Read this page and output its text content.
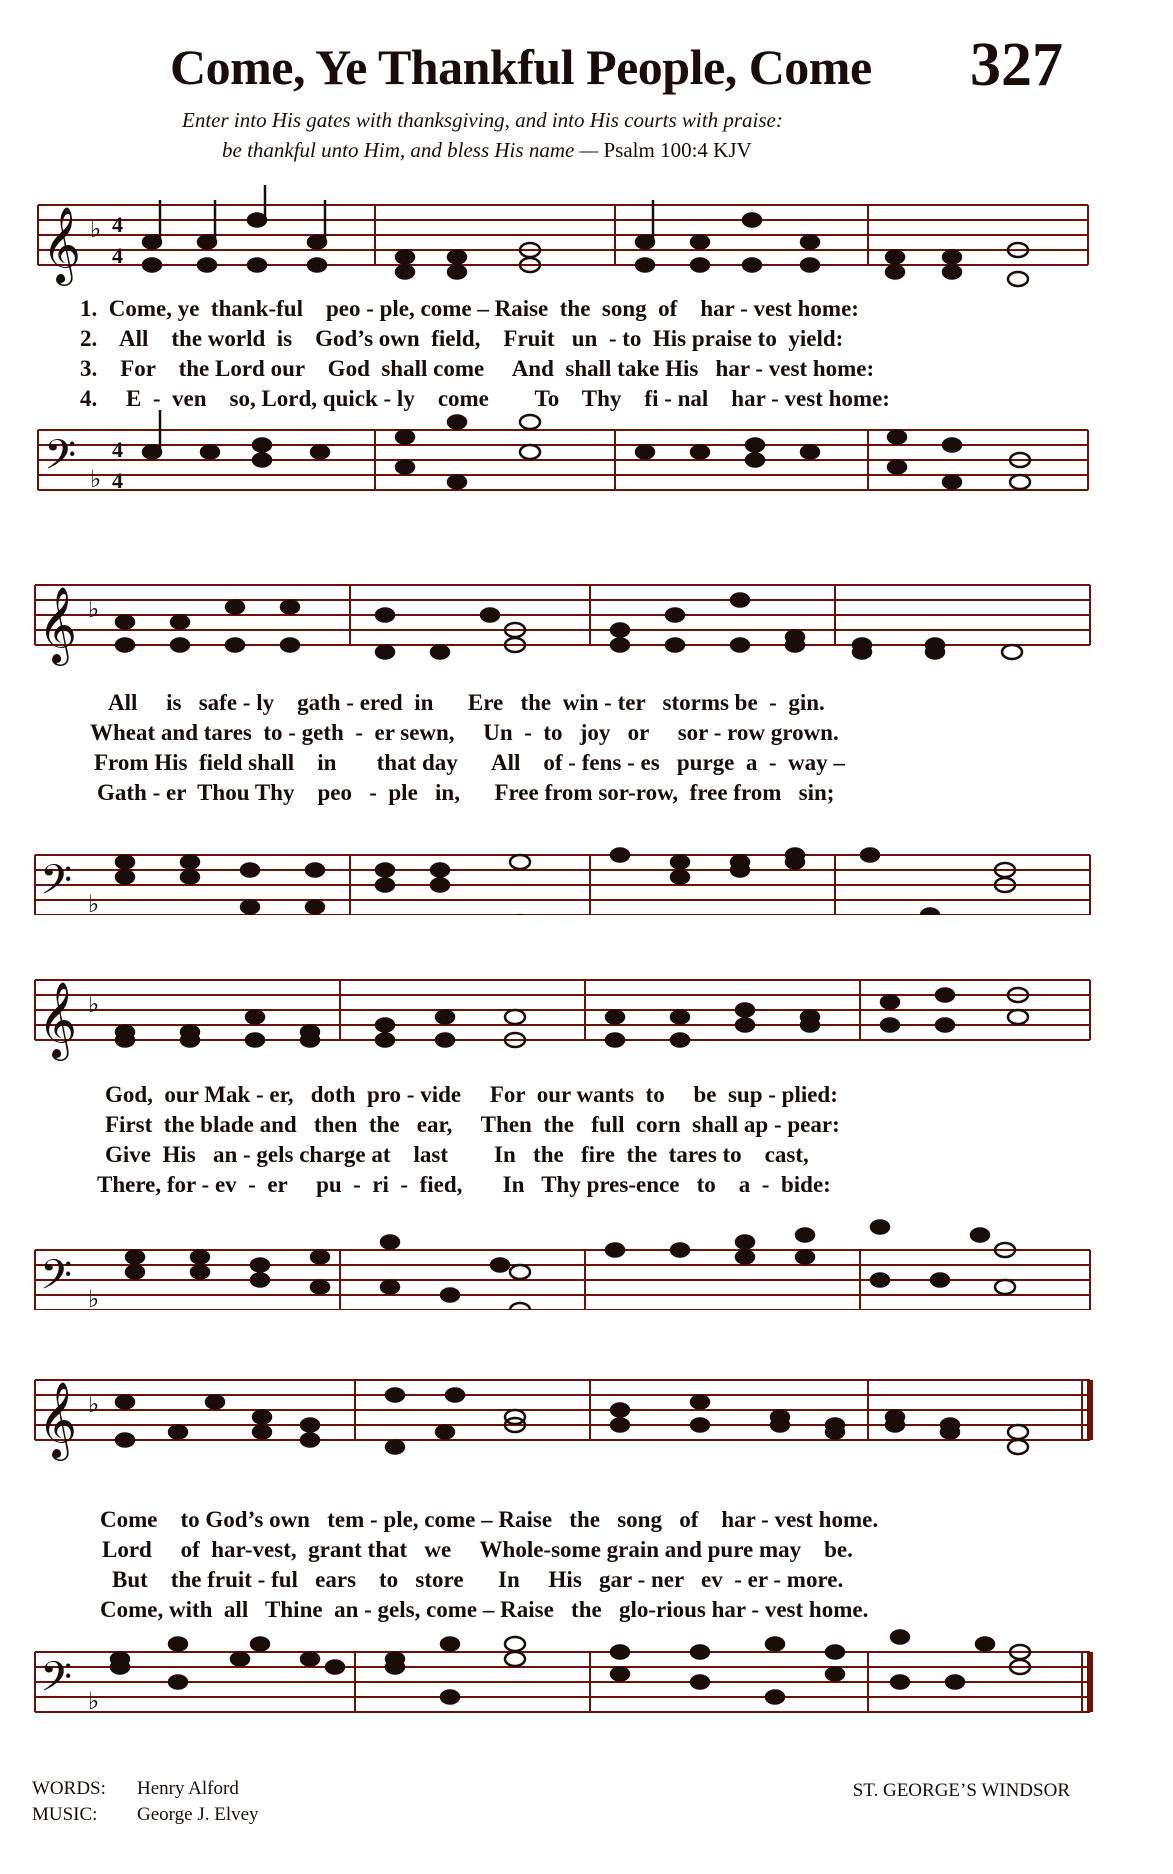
Come, Ye Thankful People, Come 327
Enter into His gates with thanksgiving, and into His courts with praise:
be thankful unto Him, and bless His name — Psalm 100:4 KJV
𝄞
𝄢
♭
♭
4
4
4
4
1.  Come, ye  thank-ful    peo - ple, come – Raise  the  song  of    har - vest home:
2.    All    the world  is    God’s own  field,    Fruit   un  - to  His praise to  yield:
3.    For    the Lord our    God  shall come     And  shall take His   har - vest home:
4.     E  -  ven    so, Lord, quick - ly    come        To    Thy    fi - nal    har - vest home:
𝄞
𝄢
♭
♭
All     is   safe - ly    gath - ered  in      Ere   the  win - ter   storms be  -  gin.
Wheat and tares  to - geth  -  er sewn,     Un  -  to   joy   or     sor - row grown.
From His  field shall    in       that day      All    of - fens - es   purge  a  -  way –
Gath - er  Thou Thy    peo   -  ple   in,      Free from sor-row,  free from   sin;
𝄞
𝄢
♭
♭
God,  our Mak - er,   doth  pro - vide     For  our wants  to     be  sup - plied:
First  the blade and   then  the   ear,     Then  the   full  corn  shall ap - pear:
Give  His   an - gels charge at    last        In   the   fire  the  tares to    cast,
There, for - ev  -  er     pu  -  ri  -  fied,       In   Thy pres-ence   to    a  -  bide:
𝄞
𝄢
♭
♭
Come    to God’s own   tem - ple, come – Raise   the   song   of    har - vest home.
Lord     of  har-vest,  grant that   we     Whole-some grain and pure may    be.
But    the fruit - ful   ears    to   store      In     His   gar - ner   ev  - er - more.
Come, with  all   Thine  an - gels, come – Raise   the   glo-rious har - vest home.
WORDS: Henry Alford
MUSIC: George J. Elvey
ST. GEORGE’S WINDSOR
